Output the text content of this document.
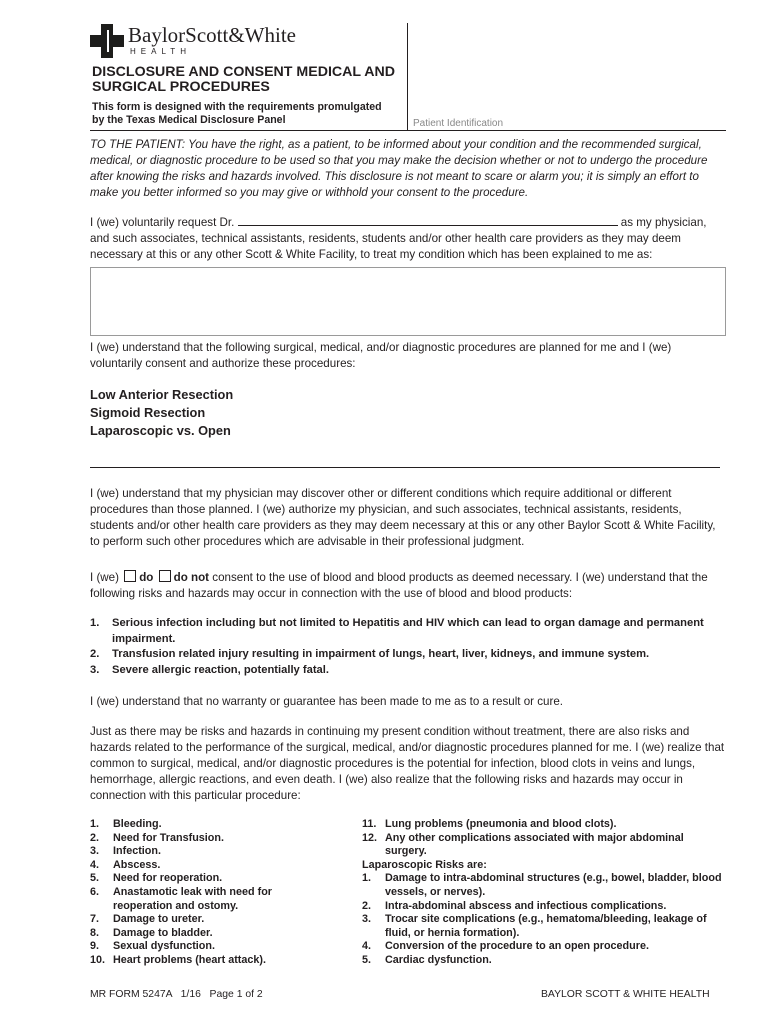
BaylorScott&White
HEALTH
DISCLOSURE AND CONSENT MEDICAL AND SURGICAL PROCEDURES
This form is designed with the requirements promulgated by the Texas Medical Disclosure Panel	Patient Identification
TO THE PATIENT: You have the right, as a patient, to be informed about your condition and the recommended surgical, medical, or diagnostic procedure to be used so that you may make the decision whether or not to undergo the procedure after knowing the risks and hazards involved. This disclosure is not meant to scare or alarm you; it is simply an effort to make you better informed so you may give or withhold your consent to the procedure.
I (we) voluntarily request Dr.	as my physician, and such associates, technical assistants, residents, students and/or other health care providers as they may deem necessary at this or any other Scott & White Facility, to treat my condition which has been explained to me as:
I (we) understand that the following surgical, medical, and/or diagnostic procedures are planned for me and I (we) voluntarily consent and authorize these procedures:
Low Anterior Resection
Sigmoid Resection
Laparoscopic vs. Open
I (we) understand that my physician may discover other or different conditions which require additional or different procedures than those planned. I (we) authorize my physician, and such associates, technical assistants, residents, students and/or other health care providers as they may deem necessary at this or any other Baylor Scott & White Facility, to perform such other procedures which are advisable in their professional judgment.
I (we) do do not consent to the use of blood and blood products as deemed necessary. I (we) understand that the following risks and hazards may occur in connection with the use of blood and blood products:
1. Serious infection including but not limited to Hepatitis and HIV which can lead to organ damage and permanent impairment.
2. Transfusion related injury resulting in impairment of lungs, heart, liver, kidneys, and immune system.
3. Severe allergic reaction, potentially fatal.
I (we) understand that no warranty or guarantee has been made to me as to a result or cure.
Just as there may be risks and hazards in continuing my present condition without treatment, there are also risks and hazards related to the performance of the surgical, medical, and/or diagnostic procedures planned for me. I (we) realize that common to surgical, medical, and/or diagnostic procedures is the potential for infection, blood clots in veins and lungs, hemorrhage, allergic reactions, and even death. I (we) also realize that the following risks and hazards may occur in connection with this particular procedure:
1. Bleeding.
2. Need for Transfusion.
3. Infection.
4. Abscess.
5. Need for reoperation.
6. Anastamotic leak with need for reoperation and ostomy.
7. Damage to ureter.
8. Damage to bladder.
9. Sexual dysfunction.
10. Heart problems (heart attack).
11. Lung problems (pneumonia and blood clots).
12. Any other complications associated with major abdominal surgery.
Laparoscopic Risks are:
1. Damage to intra-abdominal structures (e.g., bowel, bladder, blood vessels, or nerves).
2. Intra-abdominal abscess and infectious complications.
3. Trocar site complications (e.g., hematoma/bleeding, leakage of fluid, or hernia formation).
4. Conversion of the procedure to an open procedure.
5. Cardiac dysfunction.
MR FORM 5247A   1/16   Page 1 of 2	BAYLOR SCOTT & WHITE HEALTH
